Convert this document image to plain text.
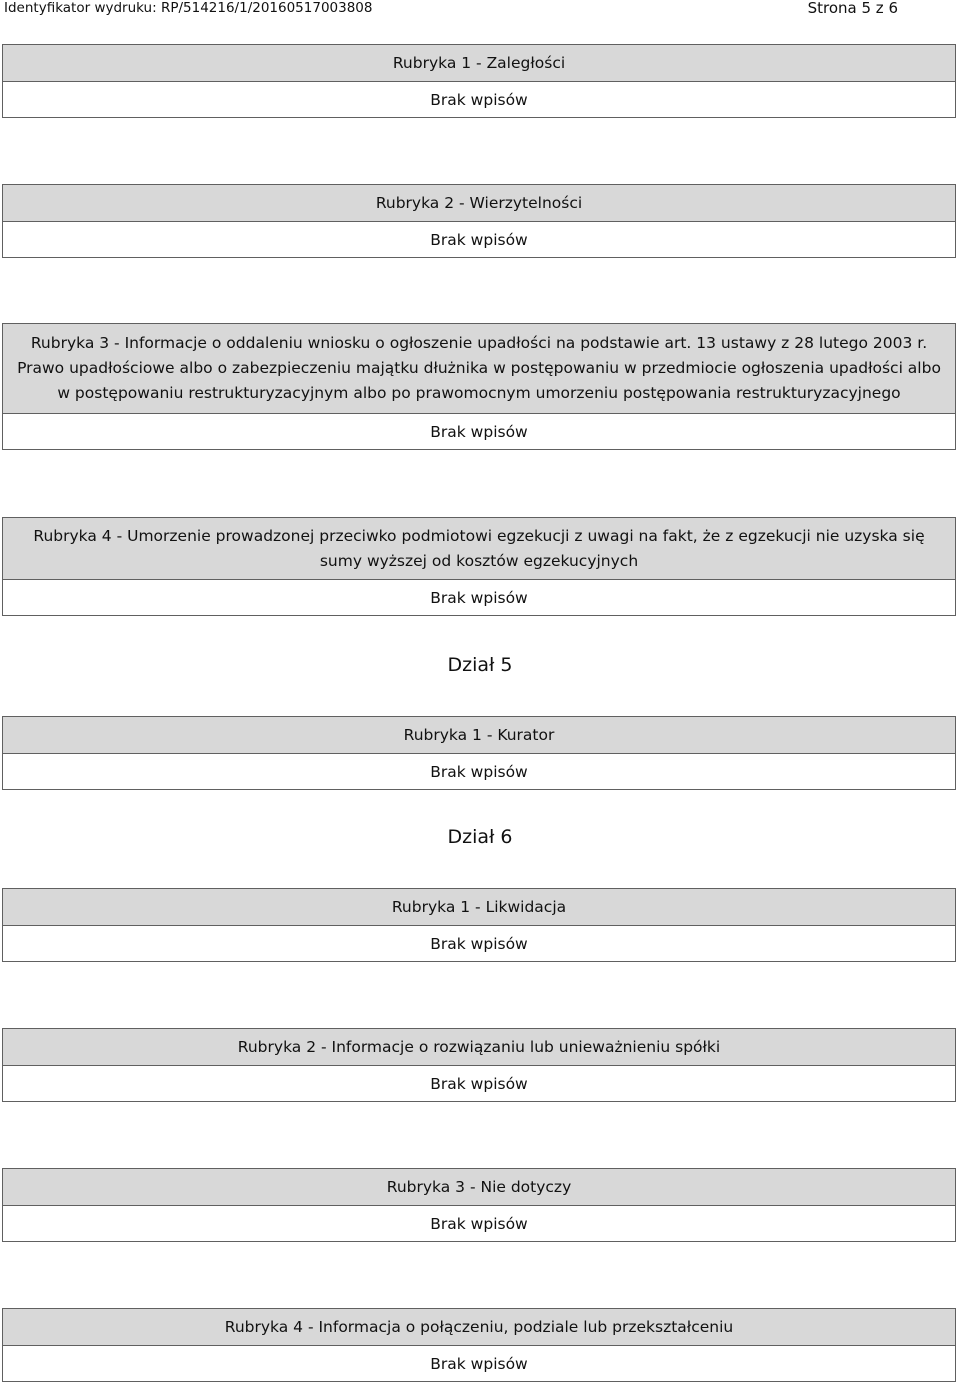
Identyfikator wydruku: RP/514216/1/20160517003808	Strona 5 z 6
Rubryka 1 - Zaległości
Brak wpisów
Rubryka 2 - Wierzytelności
Brak wpisów
Rubryka 3 - Informacje o oddaleniu wniosku o ogłoszenie upadłości na podstawie art. 13 ustawy z 28 lutego 2003 r. Prawo upadłościowe albo o zabezpieczeniu majątku dłużnika w postępowaniu w przedmiocie ogłoszenia upadłości albo w postępowaniu restrukturyzacyjnym albo po prawomocnym umorzeniu postępowania restrukturyzacyjnego
Brak wpisów
Rubryka 4 - Umorzenie prowadzonej przeciwko podmiotowi egzekucji z uwagi na fakt, że z egzekucji nie uzyska się sumy wyższej od kosztów egzekucyjnych
Brak wpisów
Dział 5
Rubryka 1 - Kurator
Brak wpisów
Dział 6
Rubryka 1 - Likwidacja
Brak wpisów
Rubryka 2 - Informacje o rozwiązaniu lub unieważnieniu spółki
Brak wpisów
Rubryka 3 - Nie dotyczy
Brak wpisów
Rubryka 4 - Informacja o połączeniu, podziale lub przekształceniu
Brak wpisów
